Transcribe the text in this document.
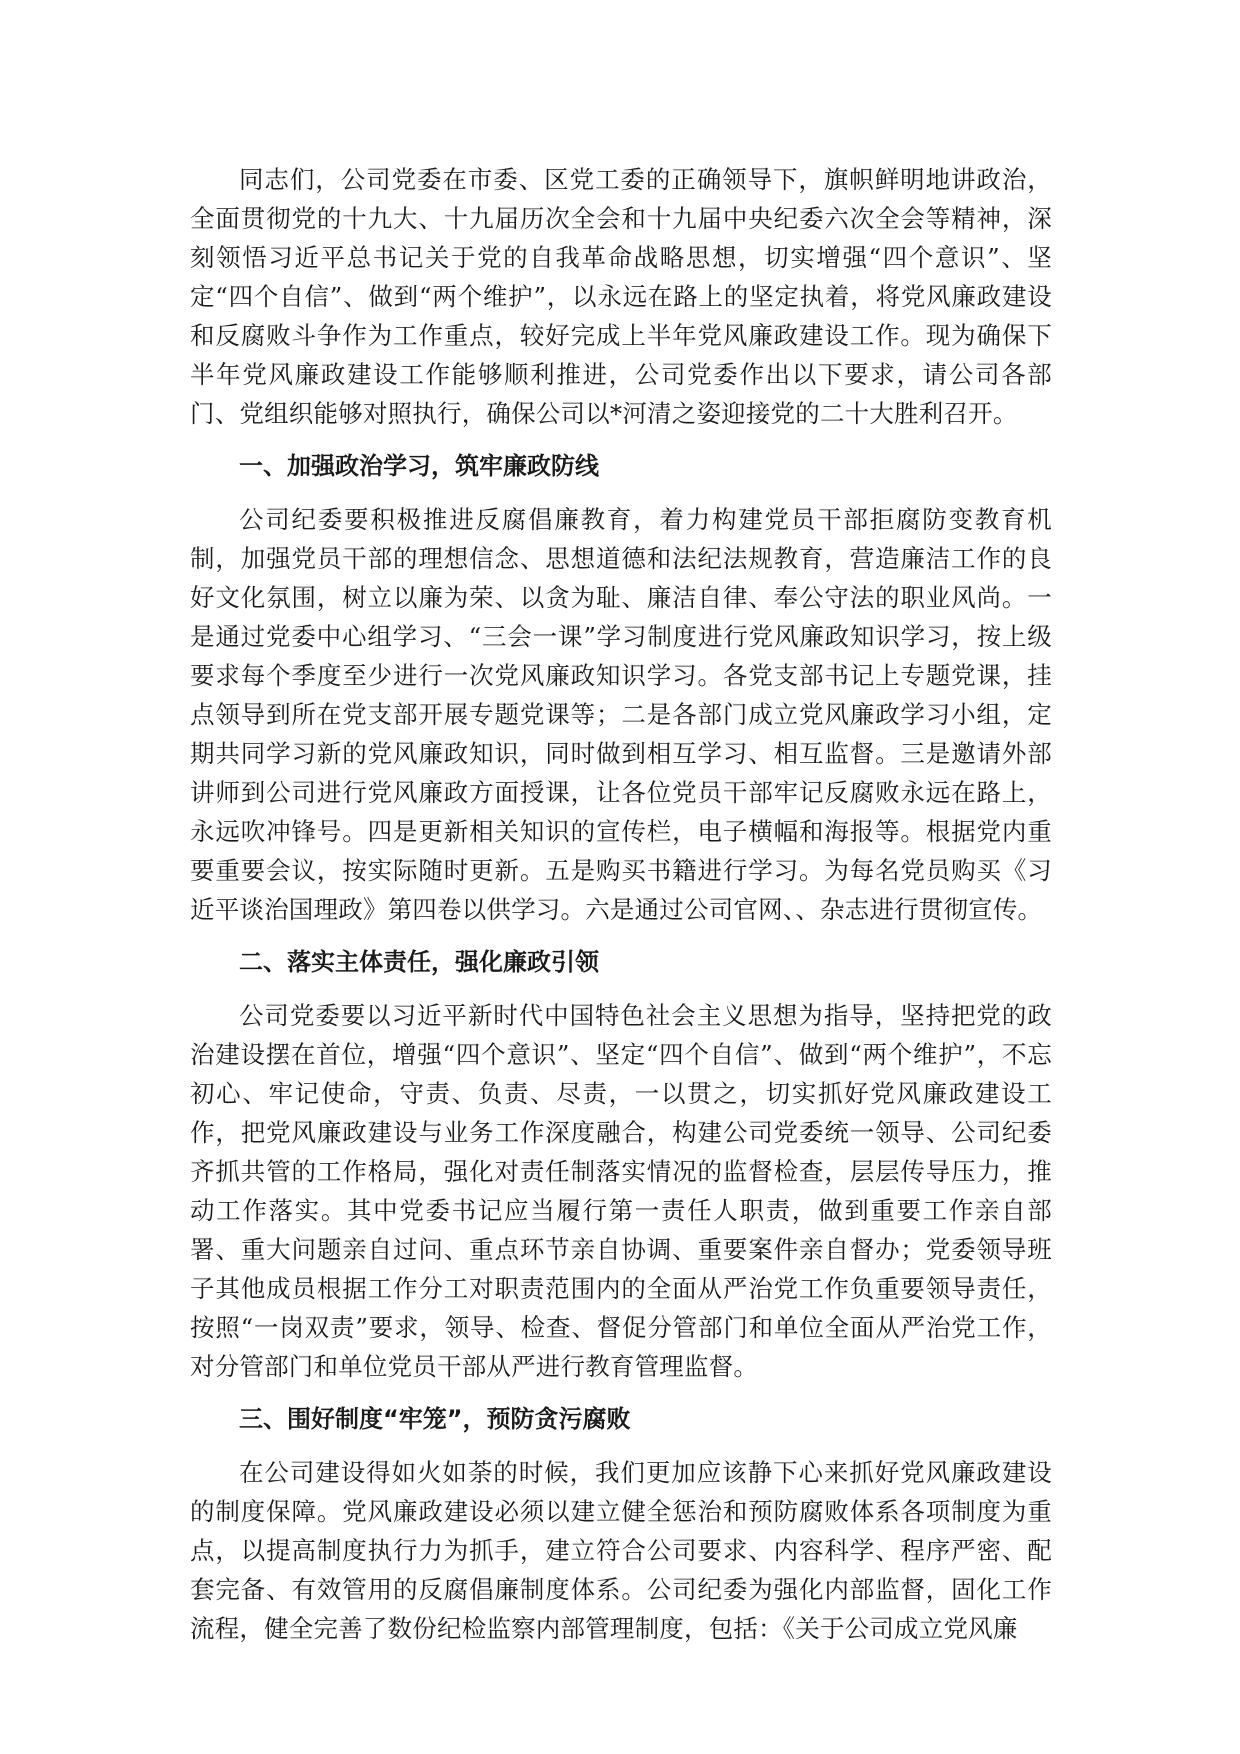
同志们，公司党委在市委、区党工委的正确领导下，旗帜鲜明地讲政治，全面贯彻党的十九大、十九届历次全会和十九届中央纪委六次全会等精神，深刻领悟习近平总书记关于党的自我革命战略思想，切实增强“四个意识”、坚定“四个自信”、做到“两个维护”，以永远在路上的坚定执着，将党风廉政建设和反腐败斗争作为工作重点，较好完成上半年党风廉政建设工作。现为确保下半年党风廉政建设工作能够顺利推进，公司党委作出以下要求，请公司各部门、党组织能够对照执行，确保公司以*河清之姿迎接党的二十大胜利召开。

一、加强政治学习，筑牢廉政防线

公司纪委要积极推进反腐倡廉教育，着力构建党员干部拒腐防变教育机制，加强党员干部的理想信念、思想道德和法纪法规教育，营造廉洁工作的良好文化氛围，树立以廉为荣、以贪为耻、廉洁自律、奉公守法的职业风尚。一是通过党委中心组学习、“三会一课”学习制度进行党风廉政知识学习，按上级要求每个季度至少进行一次党风廉政知识学习。各党支部书记上专题党课，挂点领导到所在党支部开展专题党课等；二是各部门成立党风廉政学习小组，定期共同学习新的党风廉政知识，同时做到相互学习、相互监督。三是邀请外部讲师到公司进行党风廉政方面授课，让各位党员干部牢记反腐败永远在路上，永远吹冲锋号。四是更新相关知识的宣传栏，电子横幅和海报等。根据党内重要重要会议，按实际随时更新。五是购买书籍进行学习。为每名党员购买《习近平谈治国理政》第四卷以供学习。六是通过公司官网、、杂志进行贯彻宣传。

二、落实主体责任，强化廉政引领

公司党委要以习近平新时代中国特色社会主义思想为指导，坚持把党的政治建设摆在首位，增强“四个意识”、坚定“四个自信”、做到“两个维护”，不忘初心、牢记使命，守责、负责、尽责，一以贯之，切实抓好党风廉政建设工作，把党风廉政建设与业务工作深度融合，构建公司党委统一领导、公司纪委齐抓共管的工作格局，强化对责任制落实情况的监督检查，层层传导压力，推动工作落实。其中党委书记应当履行第一责任人职责，做到重要工作亲自部署、重大问题亲自过问、重点环节亲自协调、重要案件亲自督办；党委领导班子其他成员根据工作分工对职责范围内的全面从严治党工作负重要领导责任，按照“一岗双责”要求，领导、检查、督促分管部门和单位全面从严治党工作，对分管部门和单位党员干部从严进行教育管理监督。

三、围好制度“牢笼”，预防贪污腐败

在公司建设得如火如荼的时候，我们更加应该静下心来抓好党风廉政建设的制度保障。党风廉政建设必须以建立健全惩治和预防腐败体系各项制度为重点，以提高制度执行力为抓手，建立符合公司要求、内容科学、程序严密、配套完备、有效管用的反腐倡廉制度体系。公司纪委为强化内部监督，固化工作流程，健全完善了数份纪检监察内部管理制度，包括：《关于公司成立党风廉
